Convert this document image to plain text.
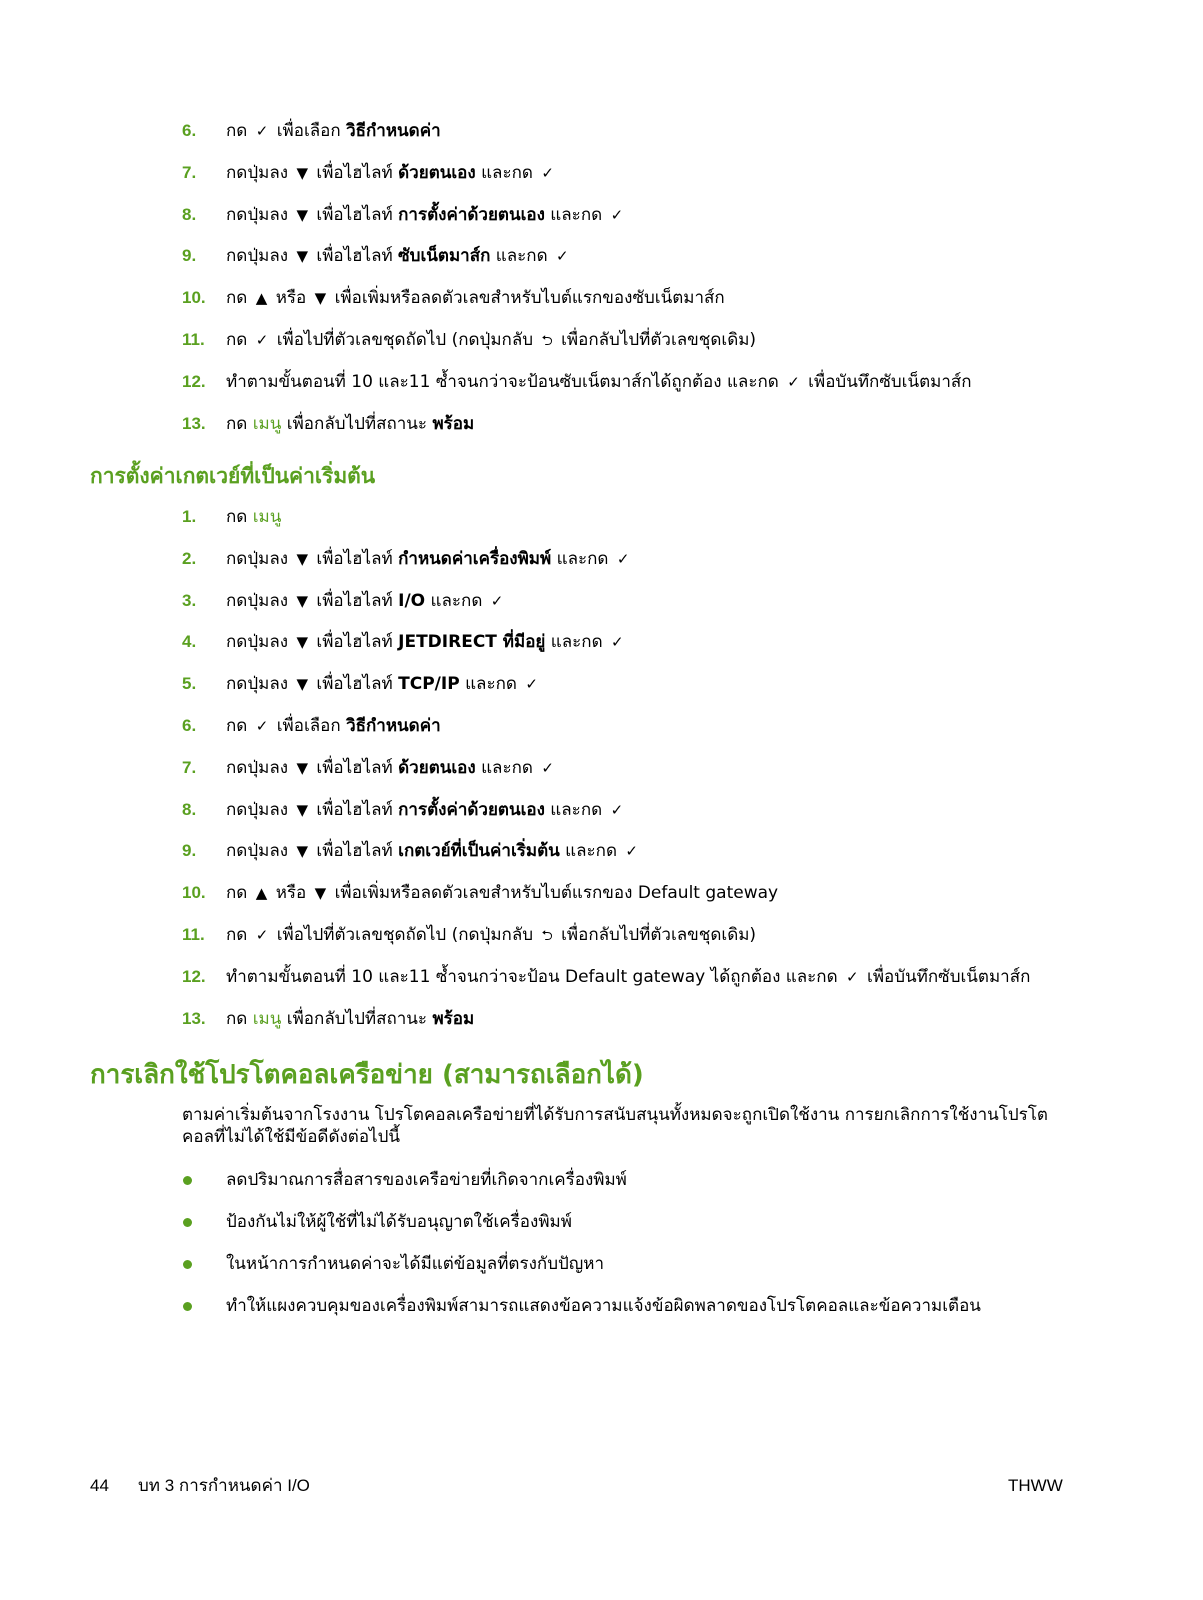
6.	กด ✓ เพื่อเลือก วิธีกำหนดค่า
7.	กดปุ่มลง ▼ เพื่อไฮไลท์ ด้วยตนเอง และกด ✓
8.	กดปุ่มลง ▼ เพื่อไฮไลท์ การตั้งค่าด้วยตนเอง และกด ✓
9.	กดปุ่มลง ▼ เพื่อไฮไลท์ ซับเน็ตมาส์ก และกด ✓
10.	กด ▲ หรือ ▼ เพื่อเพิ่มหรือลดตัวเลขสำหรับไบต์แรกของซับเน็ตมาส์ก
11.	กด ✓ เพื่อไปที่ตัวเลขชุดถัดไป (กดปุ่มกลับ ⮌ เพื่อกลับไปที่ตัวเลขชุดเดิม)
12.	ทำตามขั้นตอนที่ 10 และ11 ซ้ำจนกว่าจะป้อนซับเน็ตมาส์กได้ถูกต้อง และกด ✓ เพื่อบันทึกซับเน็ตมาส์ก
13.	กด เมนู เพื่อกลับไปที่สถานะ พร้อม
การตั้งค่าเกตเวย์ที่เป็นค่าเริ่มต้น
1.	กด เมนู
2.	กดปุ่มลง ▼ เพื่อไฮไลท์ กำหนดค่าเครื่องพิมพ์ และกด ✓
3.	กดปุ่มลง ▼ เพื่อไฮไลท์ I/O และกด ✓
4.	กดปุ่มลง ▼ เพื่อไฮไลท์ JETDIRECT ที่มีอยู่ และกด ✓
5.	กดปุ่มลง ▼ เพื่อไฮไลท์ TCP/IP และกด ✓
6.	กด ✓ เพื่อเลือก วิธีกำหนดค่า
7.	กดปุ่มลง ▼ เพื่อไฮไลท์ ด้วยตนเอง และกด ✓
8.	กดปุ่มลง ▼ เพื่อไฮไลท์ การตั้งค่าด้วยตนเอง และกด ✓
9.	กดปุ่มลง ▼ เพื่อไฮไลท์ เกตเวย์ที่เป็นค่าเริ่มต้น และกด ✓
10.	กด ▲ หรือ ▼ เพื่อเพิ่มหรือลดตัวเลขสำหรับไบต์แรกของ Default gateway
11.	กด ✓ เพื่อไปที่ตัวเลขชุดถัดไป (กดปุ่มกลับ ⮌ เพื่อกลับไปที่ตัวเลขชุดเดิม)
12.	ทำตามขั้นตอนที่ 10 และ11 ซ้ำจนกว่าจะป้อน Default gateway ได้ถูกต้อง และกด ✓ เพื่อบันทึกซับเน็ตมาส์ก
13.	กด เมนู เพื่อกลับไปที่สถานะ พร้อม
การเลิกใช้โปรโตคอลเครือข่าย (สามารถเลือกได้)
ตามค่าเริ่มต้นจากโรงงาน โปรโตคอลเครือข่ายที่ได้รับการสนับสนุนทั้งหมดจะถูกเปิดใช้งาน การยกเลิกการใช้งานโปรโต คอลที่ไม่ได้ใช้มีข้อดีดังต่อไปนี้
ลดปริมาณการสื่อสารของเครือข่ายที่เกิดจากเครื่องพิมพ์
ป้องกันไม่ให้ผู้ใช้ที่ไม่ได้รับอนุญาตใช้เครื่องพิมพ์
ในหน้าการกำหนดค่าจะได้มีแต่ข้อมูลที่ตรงกับปัญหา
ทำให้แผงควบคุมของเครื่องพิมพ์สามารถแสดงข้อความแจ้งข้อผิดพลาดของโปรโตคอลและข้อความเตือน
44 บท 3 การกำหนดค่า I/O	THWW
